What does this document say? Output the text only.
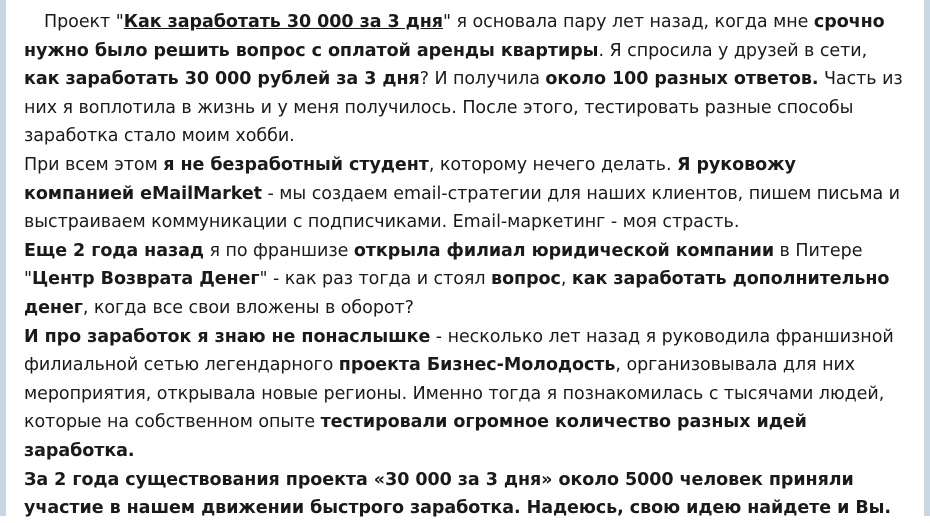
Проект "Как заработать 30 000 за 3 дня" я основала пару лет назад, когда мне срочно нужно было решить вопрос с оплатой аренды квартиры. Я спросила у друзей в сети, как заработать 30 000 рублей за 3 дня? И получила около 100 разных ответов. Часть из них я воплотила в жизнь и у меня получилось. После этого, тестировать разные способы заработка стало моим хобби.

При всем этом я не безработный студент, которому нечего делать. Я руковожу компанией eMailMarket - мы создаем email-стратегии для наших клиентов, пишем письма и выстраиваем коммуникации с подписчиками. Email-маркетинг - моя страсть.

Еще 2 года назад я по франшизе открыла филиал юридической компании в Питере "Центр Возврата Денег" - как раз тогда и стоял вопрос, как заработать дополнительно денег, когда все свои вложены в оборот?

И про заработок я знаю не понаслышке - несколько лет назад я руководила франшизной филиальной сетью легендарного проекта Бизнес-Молодость, организовывала для них мероприятия, открывала новые регионы. Именно тогда я познакомилась с тысячами людей, которые на собственном опыте тестировали огромное количество разных идей заработка.

За 2 года существования проекта «30 000 за 3 дня» около 5000 человек приняли участие в нашем движении быстрого заработка. Надеюсь, свою идею найдете и Вы.
